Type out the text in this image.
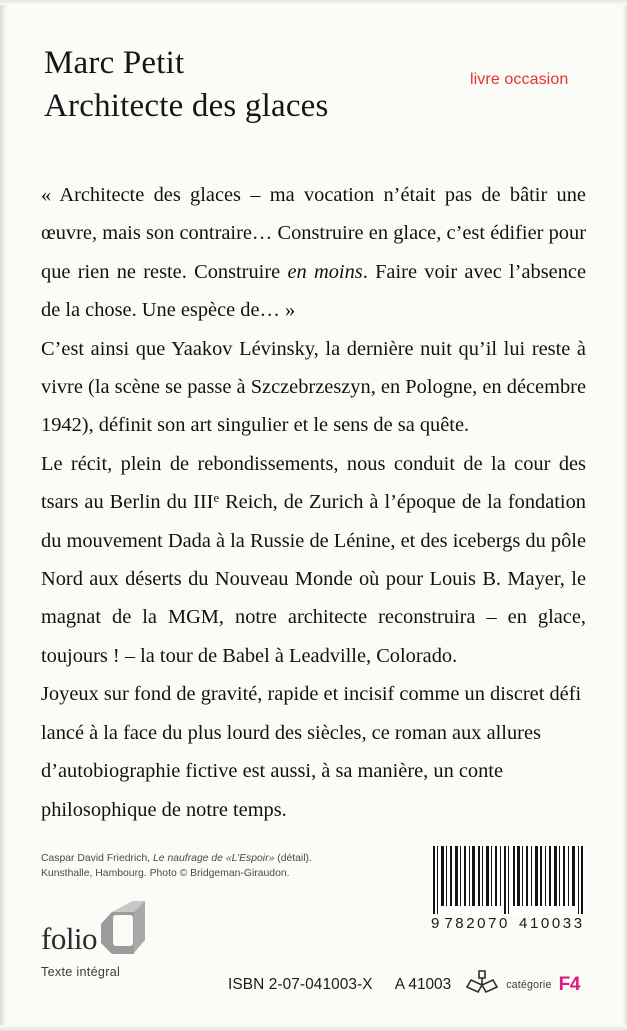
Marc Petit
Architecte des glaces
livre occasion

« Architecte des glaces – ma vocation n’était pas de bâtir une œuvre, mais son contraire… Construire en glace, c’est édifier pour que rien ne reste. Construire en moins. Faire voir avec l’absence de la chose. Une espèce de… »

C’est ainsi que Yaakov Lévinsky, la dernière nuit qu’il lui reste à vivre (la scène se passe à Szczebrzeszyn, en Pologne, en décembre 1942), définit son art singulier et le sens de sa quête.

Le récit, plein de rebondissements, nous conduit de la cour des tsars au Berlin du IIIe Reich, de Zurich à l’époque de la fondation du mouvement Dada à la Russie de Lénine, et des icebergs du pôle Nord aux déserts du Nouveau Monde où pour Louis B. Mayer, le magnat de la MGM, notre architecte reconstruira – en glace, toujours ! – la tour de Babel à Leadville, Colorado.

Joyeux sur fond de gravité, rapide et incisif comme un discret défi lancé à la face du plus lourd des siècles, ce roman aux allures d’autobiographie fictive est aussi, à sa manière, un conte philosophique de notre temps.

Caspar David Friedrich, Le naufrage de «L’Espoir» (détail).
Kunsthalle, Hambourg. Photo © Bridgeman-Giraudon.
9 782070 410033
folio
Texte intégral
ISBN 2-07-041003-X A 41003	catégorie F4
